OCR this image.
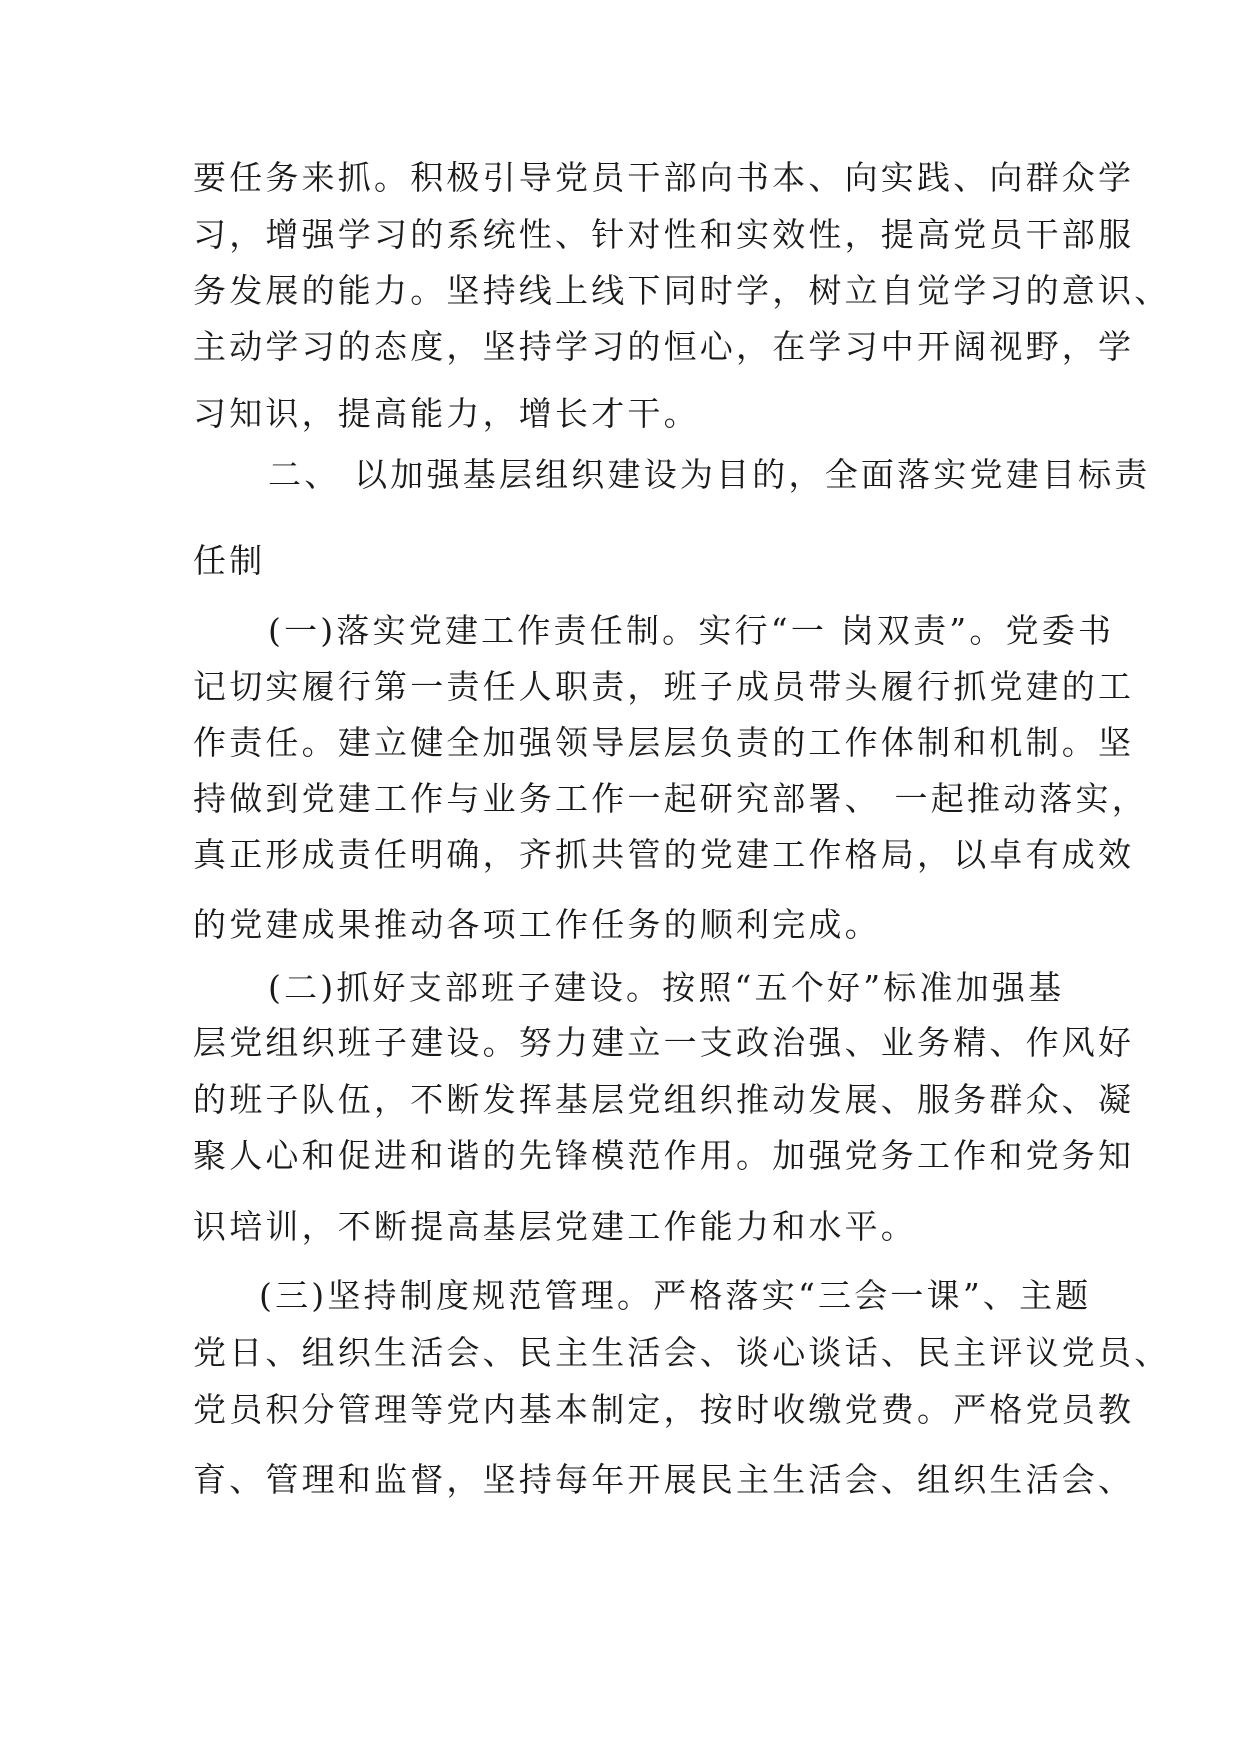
要任务来抓。积极引导党员干部向书本、向实践、向群众学
习，增强学习的系统性、针对性和实效性，提高党员干部服
务发展的能力。坚持线上线下同时学，树立自觉学习的意识、
主动学习的态度，坚持学习的恒心，在学习中开阔视野，学
习知识，提高能力，增长才干。
二、 以加强基层组织建设为目的，全面落实党建目标责
任制
(一)落实党建工作责任制。实行“一 岗双责”。党委书
记切实履行第一责任人职责，班子成员带头履行抓党建的工
作责任。建立健全加强领导层层负责的工作体制和机制。坚
持做到党建工作与业务工作一起研究部署、 一起推动落实，
真正形成责任明确，齐抓共管的党建工作格局，以卓有成效
的党建成果推动各项工作任务的顺利完成。
(二)抓好支部班子建设。按照“五个好”标准加强基
层党组织班子建设。努力建立一支政治强、业务精、作风好
的班子队伍，不断发挥基层党组织推动发展、服务群众、凝
聚人心和促进和谐的先锋模范作用。加强党务工作和党务知
识培训，不断提高基层党建工作能力和水平。
(三)坚持制度规范管理。严格落实“三会一课”、主题
党日、组织生活会、民主生活会、谈心谈话、民主评议党员、
党员积分管理等党内基本制定，按时收缴党费。严格党员教
育、管理和监督，坚持每年开展民主生活会、组织生活会、
